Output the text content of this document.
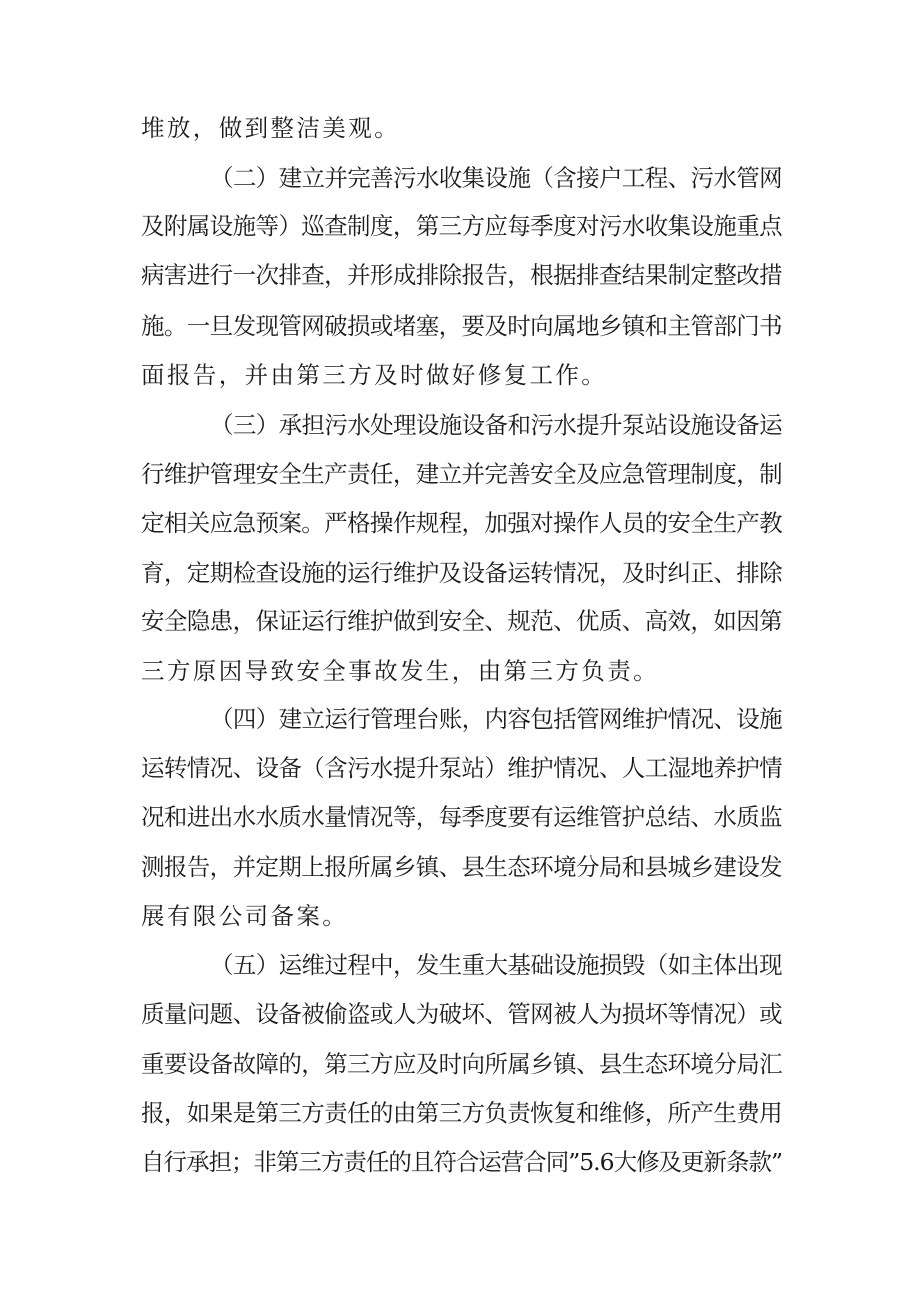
堆放，做到整洁美观。
（二）建立并完善污水收集设施（含接户工程、污水管网
及附属设施等）巡查制度，第三方应每季度对污水收集设施重点
病害进行一次排查，并形成排除报告，根据排查结果制定整改措
施。一旦发现管网破损或堵塞，要及时向属地乡镇和主管部门书
面报告，并由第三方及时做好修复工作。
（三）承担污水处理设施设备和污水提升泵站设施设备运
行维护管理安全生产责任，建立并完善安全及应急管理制度，制
定相关应急预案。严格操作规程，加强对操作人员的安全生产教
育，定期检查设施的运行维护及设备运转情况，及时纠正、排除
安全隐患，保证运行维护做到安全、规范、优质、高效，如因第
三方原因导致安全事故发生，由第三方负责。
（四）建立运行管理台账，内容包括管网维护情况、设施
运转情况、设备（含污水提升泵站）维护情况、人工湿地养护情
况和进出水水质水量情况等，每季度要有运维管护总结、水质监
测报告，并定期上报所属乡镇、县生态环境分局和县城乡建设发
展有限公司备案。
（五）运维过程中，发生重大基础设施损毁（如主体出现
质量问题、设备被偷盗或人为破坏、管网被人为损坏等情况）或
重要设备故障的，第三方应及时向所属乡镇、县生态环境分局汇
报，如果是第三方责任的由第三方负责恢复和维修，所产生费用
自行承担；非第三方责任的且符合运营合同”5.6大修及更新条款”
